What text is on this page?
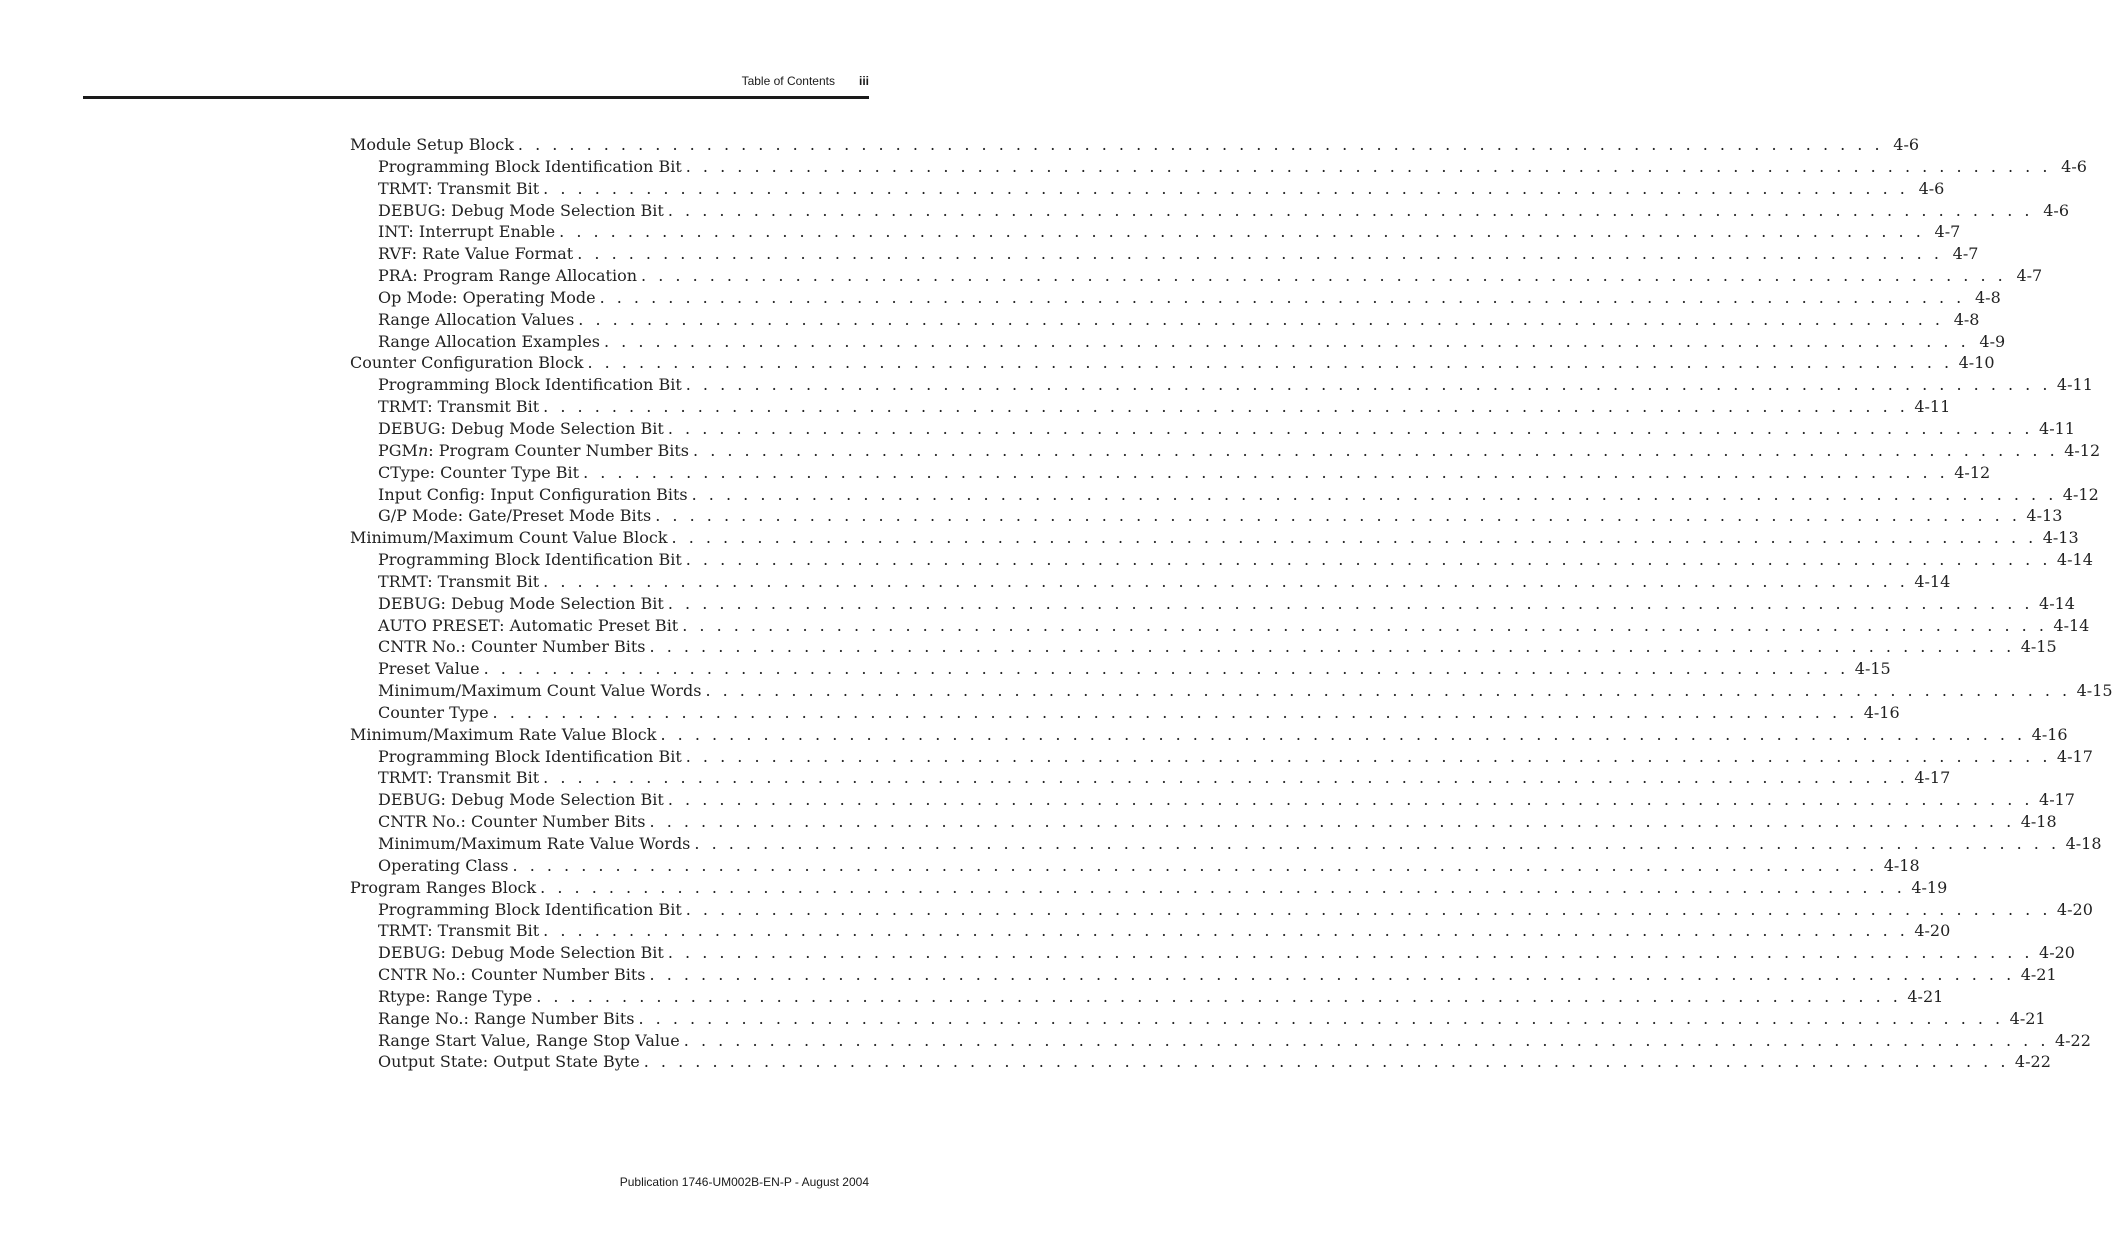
Table of Contents iii
Module Setup Block . . . . . . . . . . . . . . . . . . . . . . . . . . . . . . . . . . . . . . . . . . . . . . . . . . . . . . . . . . . . . . . . . . . . . . . . . . . . . . . . 4-6
Programming Block Identification Bit . . . . . . . . . . . . . . . . . . . . . . . . . . . . . . . . . . . . . . . . . . . . . . . . . . . . . . . . . . . . . . . . . . . . . . . . . . . . . . . . 4-6
TRMT: Transmit Bit . . . . . . . . . . . . . . . . . . . . . . . . . . . . . . . . . . . . . . . . . . . . . . . . . . . . . . . . . . . . . . . . . . . . . . . . . . . . . . . . 4-6
DEBUG: Debug Mode Selection Bit . . . . . . . . . . . . . . . . . . . . . . . . . . . . . . . . . . . . . . . . . . . . . . . . . . . . . . . . . . . . . . . . . . . . . . . . . . . . . . . . 4-6
INT: Interrupt Enable . . . . . . . . . . . . . . . . . . . . . . . . . . . . . . . . . . . . . . . . . . . . . . . . . . . . . . . . . . . . . . . . . . . . . . . . . . . . . . . . 4-7
RVF: Rate Value Format . . . . . . . . . . . . . . . . . . . . . . . . . . . . . . . . . . . . . . . . . . . . . . . . . . . . . . . . . . . . . . . . . . . . . . . . . . . . . . . . 4-7
PRA: Program Range Allocation . . . . . . . . . . . . . . . . . . . . . . . . . . . . . . . . . . . . . . . . . . . . . . . . . . . . . . . . . . . . . . . . . . . . . . . . . . . . . . . . 4-7
Op Mode: Operating Mode . . . . . . . . . . . . . . . . . . . . . . . . . . . . . . . . . . . . . . . . . . . . . . . . . . . . . . . . . . . . . . . . . . . . . . . . . . . . . . . . 4-8
Range Allocation Values . . . . . . . . . . . . . . . . . . . . . . . . . . . . . . . . . . . . . . . . . . . . . . . . . . . . . . . . . . . . . . . . . . . . . . . . . . . . . . . . 4-8
Range Allocation Examples . . . . . . . . . . . . . . . . . . . . . . . . . . . . . . . . . . . . . . . . . . . . . . . . . . . . . . . . . . . . . . . . . . . . . . . . . . . . . . . . 4-9
Counter Configuration Block . . . . . . . . . . . . . . . . . . . . . . . . . . . . . . . . . . . . . . . . . . . . . . . . . . . . . . . . . . . . . . . . . . . . . . . . . . . . . . . . 4-10
Programming Block Identification Bit . . . . . . . . . . . . . . . . . . . . . . . . . . . . . . . . . . . . . . . . . . . . . . . . . . . . . . . . . . . . . . . . . . . . . . . . . . . . . . . . 4-11
TRMT: Transmit Bit . . . . . . . . . . . . . . . . . . . . . . . . . . . . . . . . . . . . . . . . . . . . . . . . . . . . . . . . . . . . . . . . . . . . . . . . . . . . . . . . 4-11
DEBUG: Debug Mode Selection Bit . . . . . . . . . . . . . . . . . . . . . . . . . . . . . . . . . . . . . . . . . . . . . . . . . . . . . . . . . . . . . . . . . . . . . . . . . . . . . . . . 4-11
PGMn: Program Counter Number Bits . . . . . . . . . . . . . . . . . . . . . . . . . . . . . . . . . . . . . . . . . . . . . . . . . . . . . . . . . . . . . . . . . . . . . . . . . . . . . . . . 4-12
CType: Counter Type Bit . . . . . . . . . . . . . . . . . . . . . . . . . . . . . . . . . . . . . . . . . . . . . . . . . . . . . . . . . . . . . . . . . . . . . . . . . . . . . . . . 4-12
Input Config: Input Configuration Bits . . . . . . . . . . . . . . . . . . . . . . . . . . . . . . . . . . . . . . . . . . . . . . . . . . . . . . . . . . . . . . . . . . . . . . . . . . . . . . . . 4-12
G/P Mode: Gate/Preset Mode Bits . . . . . . . . . . . . . . . . . . . . . . . . . . . . . . . . . . . . . . . . . . . . . . . . . . . . . . . . . . . . . . . . . . . . . . . . . . . . . . . . 4-13
Minimum/Maximum Count Value Block . . . . . . . . . . . . . . . . . . . . . . . . . . . . . . . . . . . . . . . . . . . . . . . . . . . . . . . . . . . . . . . . . . . . . . . . . . . . . . . . 4-13
Programming Block Identification Bit . . . . . . . . . . . . . . . . . . . . . . . . . . . . . . . . . . . . . . . . . . . . . . . . . . . . . . . . . . . . . . . . . . . . . . . . . . . . . . . . 4-14
TRMT: Transmit Bit . . . . . . . . . . . . . . . . . . . . . . . . . . . . . . . . . . . . . . . . . . . . . . . . . . . . . . . . . . . . . . . . . . . . . . . . . . . . . . . . 4-14
DEBUG: Debug Mode Selection Bit . . . . . . . . . . . . . . . . . . . . . . . . . . . . . . . . . . . . . . . . . . . . . . . . . . . . . . . . . . . . . . . . . . . . . . . . . . . . . . . . 4-14
AUTO PRESET: Automatic Preset Bit . . . . . . . . . . . . . . . . . . . . . . . . . . . . . . . . . . . . . . . . . . . . . . . . . . . . . . . . . . . . . . . . . . . . . . . . . . . . . . . . 4-14
CNTR No.: Counter Number Bits . . . . . . . . . . . . . . . . . . . . . . . . . . . . . . . . . . . . . . . . . . . . . . . . . . . . . . . . . . . . . . . . . . . . . . . . . . . . . . . . 4-15
Preset Value . . . . . . . . . . . . . . . . . . . . . . . . . . . . . . . . . . . . . . . . . . . . . . . . . . . . . . . . . . . . . . . . . . . . . . . . . . . . . . . . 4-15
Minimum/Maximum Count Value Words . . . . . . . . . . . . . . . . . . . . . . . . . . . . . . . . . . . . . . . . . . . . . . . . . . . . . . . . . . . . . . . . . . . . . . . . . . . . . . . . 4-15
Counter Type . . . . . . . . . . . . . . . . . . . . . . . . . . . . . . . . . . . . . . . . . . . . . . . . . . . . . . . . . . . . . . . . . . . . . . . . . . . . . . . . 4-16
Minimum/Maximum Rate Value Block . . . . . . . . . . . . . . . . . . . . . . . . . . . . . . . . . . . . . . . . . . . . . . . . . . . . . . . . . . . . . . . . . . . . . . . . . . . . . . . . 4-16
Programming Block Identification Bit . . . . . . . . . . . . . . . . . . . . . . . . . . . . . . . . . . . . . . . . . . . . . . . . . . . . . . . . . . . . . . . . . . . . . . . . . . . . . . . . 4-17
TRMT: Transmit Bit . . . . . . . . . . . . . . . . . . . . . . . . . . . . . . . . . . . . . . . . . . . . . . . . . . . . . . . . . . . . . . . . . . . . . . . . . . . . . . . . 4-17
DEBUG: Debug Mode Selection Bit . . . . . . . . . . . . . . . . . . . . . . . . . . . . . . . . . . . . . . . . . . . . . . . . . . . . . . . . . . . . . . . . . . . . . . . . . . . . . . . . 4-17
CNTR No.: Counter Number Bits . . . . . . . . . . . . . . . . . . . . . . . . . . . . . . . . . . . . . . . . . . . . . . . . . . . . . . . . . . . . . . . . . . . . . . . . . . . . . . . . 4-18
Minimum/Maximum Rate Value Words . . . . . . . . . . . . . . . . . . . . . . . . . . . . . . . . . . . . . . . . . . . . . . . . . . . . . . . . . . . . . . . . . . . . . . . . . . . . . . . . 4-18
Operating Class . . . . . . . . . . . . . . . . . . . . . . . . . . . . . . . . . . . . . . . . . . . . . . . . . . . . . . . . . . . . . . . . . . . . . . . . . . . . . . . . 4-18
Program Ranges Block . . . . . . . . . . . . . . . . . . . . . . . . . . . . . . . . . . . . . . . . . . . . . . . . . . . . . . . . . . . . . . . . . . . . . . . . . . . . . . . . 4-19
Programming Block Identification Bit . . . . . . . . . . . . . . . . . . . . . . . . . . . . . . . . . . . . . . . . . . . . . . . . . . . . . . . . . . . . . . . . . . . . . . . . . . . . . . . . 4-20
TRMT: Transmit Bit . . . . . . . . . . . . . . . . . . . . . . . . . . . . . . . . . . . . . . . . . . . . . . . . . . . . . . . . . . . . . . . . . . . . . . . . . . . . . . . . 4-20
DEBUG: Debug Mode Selection Bit . . . . . . . . . . . . . . . . . . . . . . . . . . . . . . . . . . . . . . . . . . . . . . . . . . . . . . . . . . . . . . . . . . . . . . . . . . . . . . . . 4-20
CNTR No.: Counter Number Bits . . . . . . . . . . . . . . . . . . . . . . . . . . . . . . . . . . . . . . . . . . . . . . . . . . . . . . . . . . . . . . . . . . . . . . . . . . . . . . . . 4-21
Rtype: Range Type . . . . . . . . . . . . . . . . . . . . . . . . . . . . . . . . . . . . . . . . . . . . . . . . . . . . . . . . . . . . . . . . . . . . . . . . . . . . . . . . 4-21
Range No.: Range Number Bits . . . . . . . . . . . . . . . . . . . . . . . . . . . . . . . . . . . . . . . . . . . . . . . . . . . . . . . . . . . . . . . . . . . . . . . . . . . . . . . . 4-21
Range Start Value, Range Stop Value . . . . . . . . . . . . . . . . . . . . . . . . . . . . . . . . . . . . . . . . . . . . . . . . . . . . . . . . . . . . . . . . . . . . . . . . . . . . . . . . 4-22
Output State: Output State Byte . . . . . . . . . . . . . . . . . . . . . . . . . . . . . . . . . . . . . . . . . . . . . . . . . . . . . . . . . . . . . . . . . . . . . . . . . . . . . . . . 4-22
Publication 1746-UM002B-EN-P - August 2004
